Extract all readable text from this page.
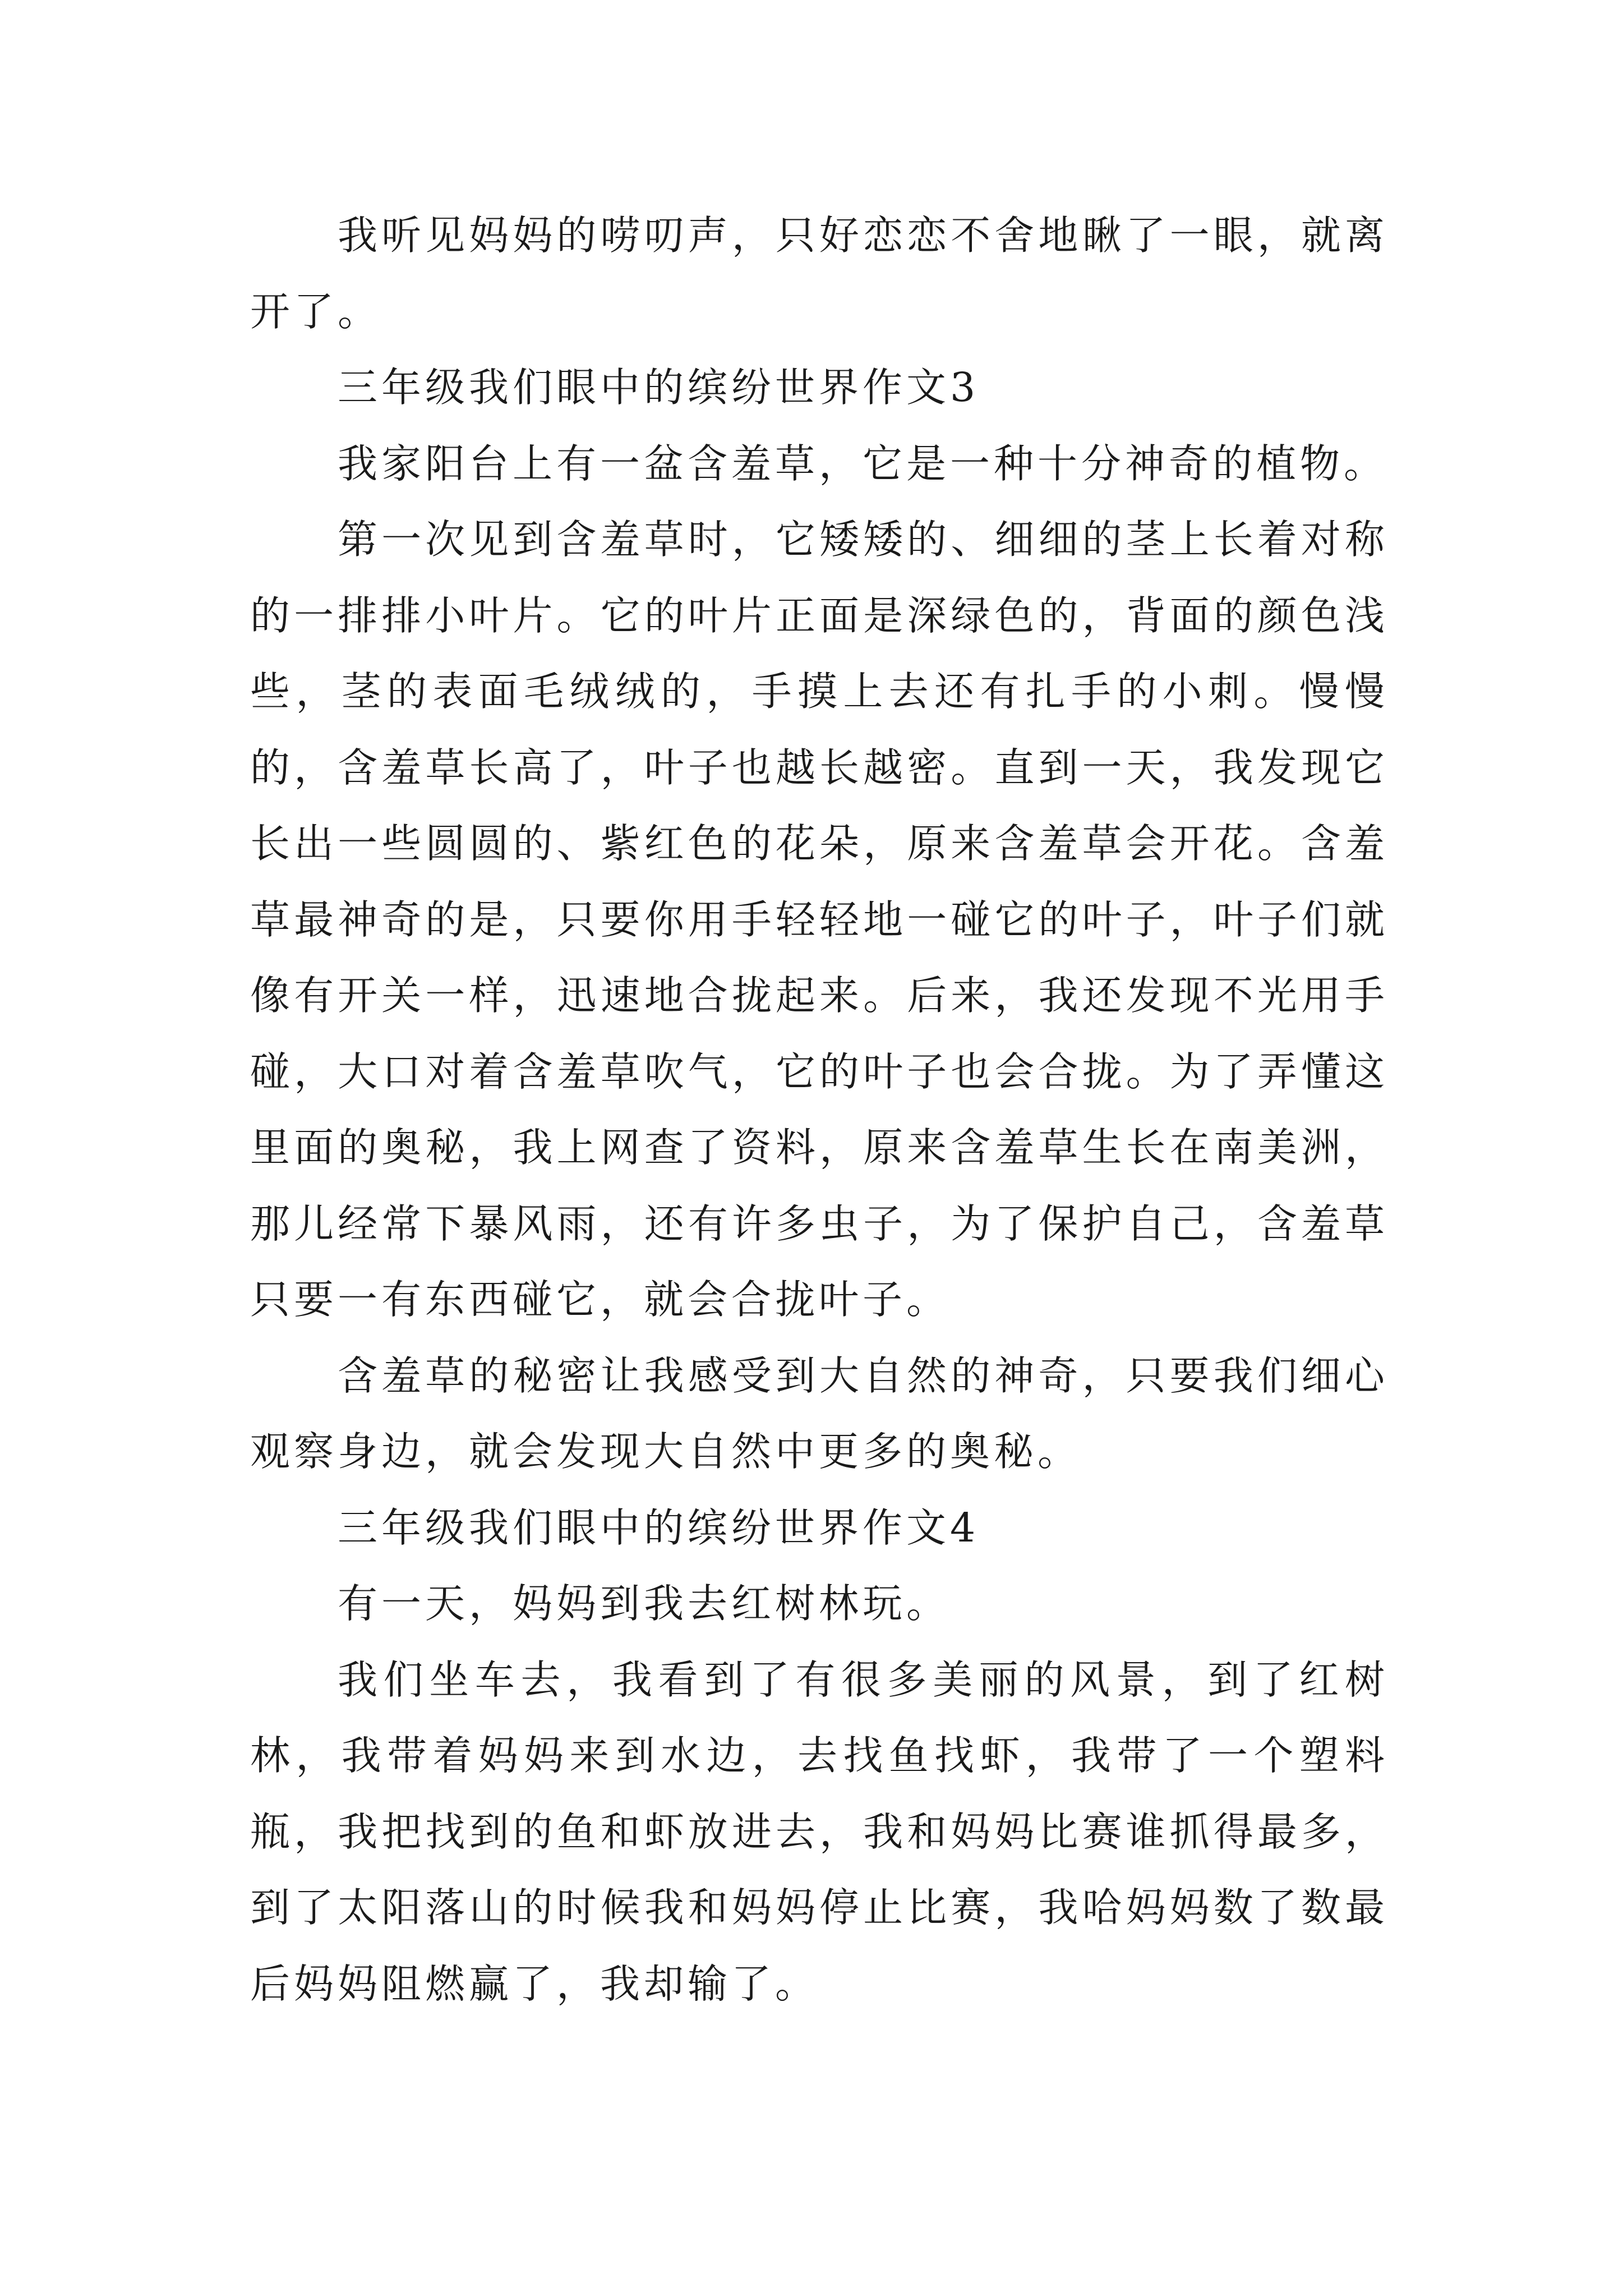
我听见妈妈的唠叨声，只好恋恋不舍地瞅了一眼，就离开了。

三年级我们眼中的缤纷世界作文3

我家阳台上有一盆含羞草，它是一种十分神奇的植物。

第一次见到含羞草时，它矮矮的、细细的茎上长着对称的一排排小叶片。它的叶片正面是深绿色的，背面的颜色浅些，茎的表面毛绒绒的，手摸上去还有扎手的小刺。慢慢的，含羞草长高了，叶子也越长越密。直到一天，我发现它长出一些圆圆的、紫红色的花朵，原来含羞草会开花。含羞草最神奇的是，只要你用手轻轻地一碰它的叶子，叶子们就像有开关一样，迅速地合拢起来。后来，我还发现不光用手碰，大口对着含羞草吹气，它的叶子也会合拢。为了弄懂这里面的奥秘，我上网查了资料，原来含羞草生长在南美洲，那儿经常下暴风雨，还有许多虫子，为了保护自己，含羞草只要一有东西碰它，就会合拢叶子。

含羞草的秘密让我感受到大自然的神奇，只要我们细心观察身边，就会发现大自然中更多的奥秘。

三年级我们眼中的缤纷世界作文4

有一天，妈妈到我去红树林玩。

我们坐车去，我看到了有很多美丽的风景，到了红树林，我带着妈妈来到水边，去找鱼找虾，我带了一个塑料瓶，我把找到的鱼和虾放进去，我和妈妈比赛谁抓得最多，到了太阳落山的时候我和妈妈停止比赛，我哈妈妈数了数最后妈妈阻燃赢了，我却输了。
